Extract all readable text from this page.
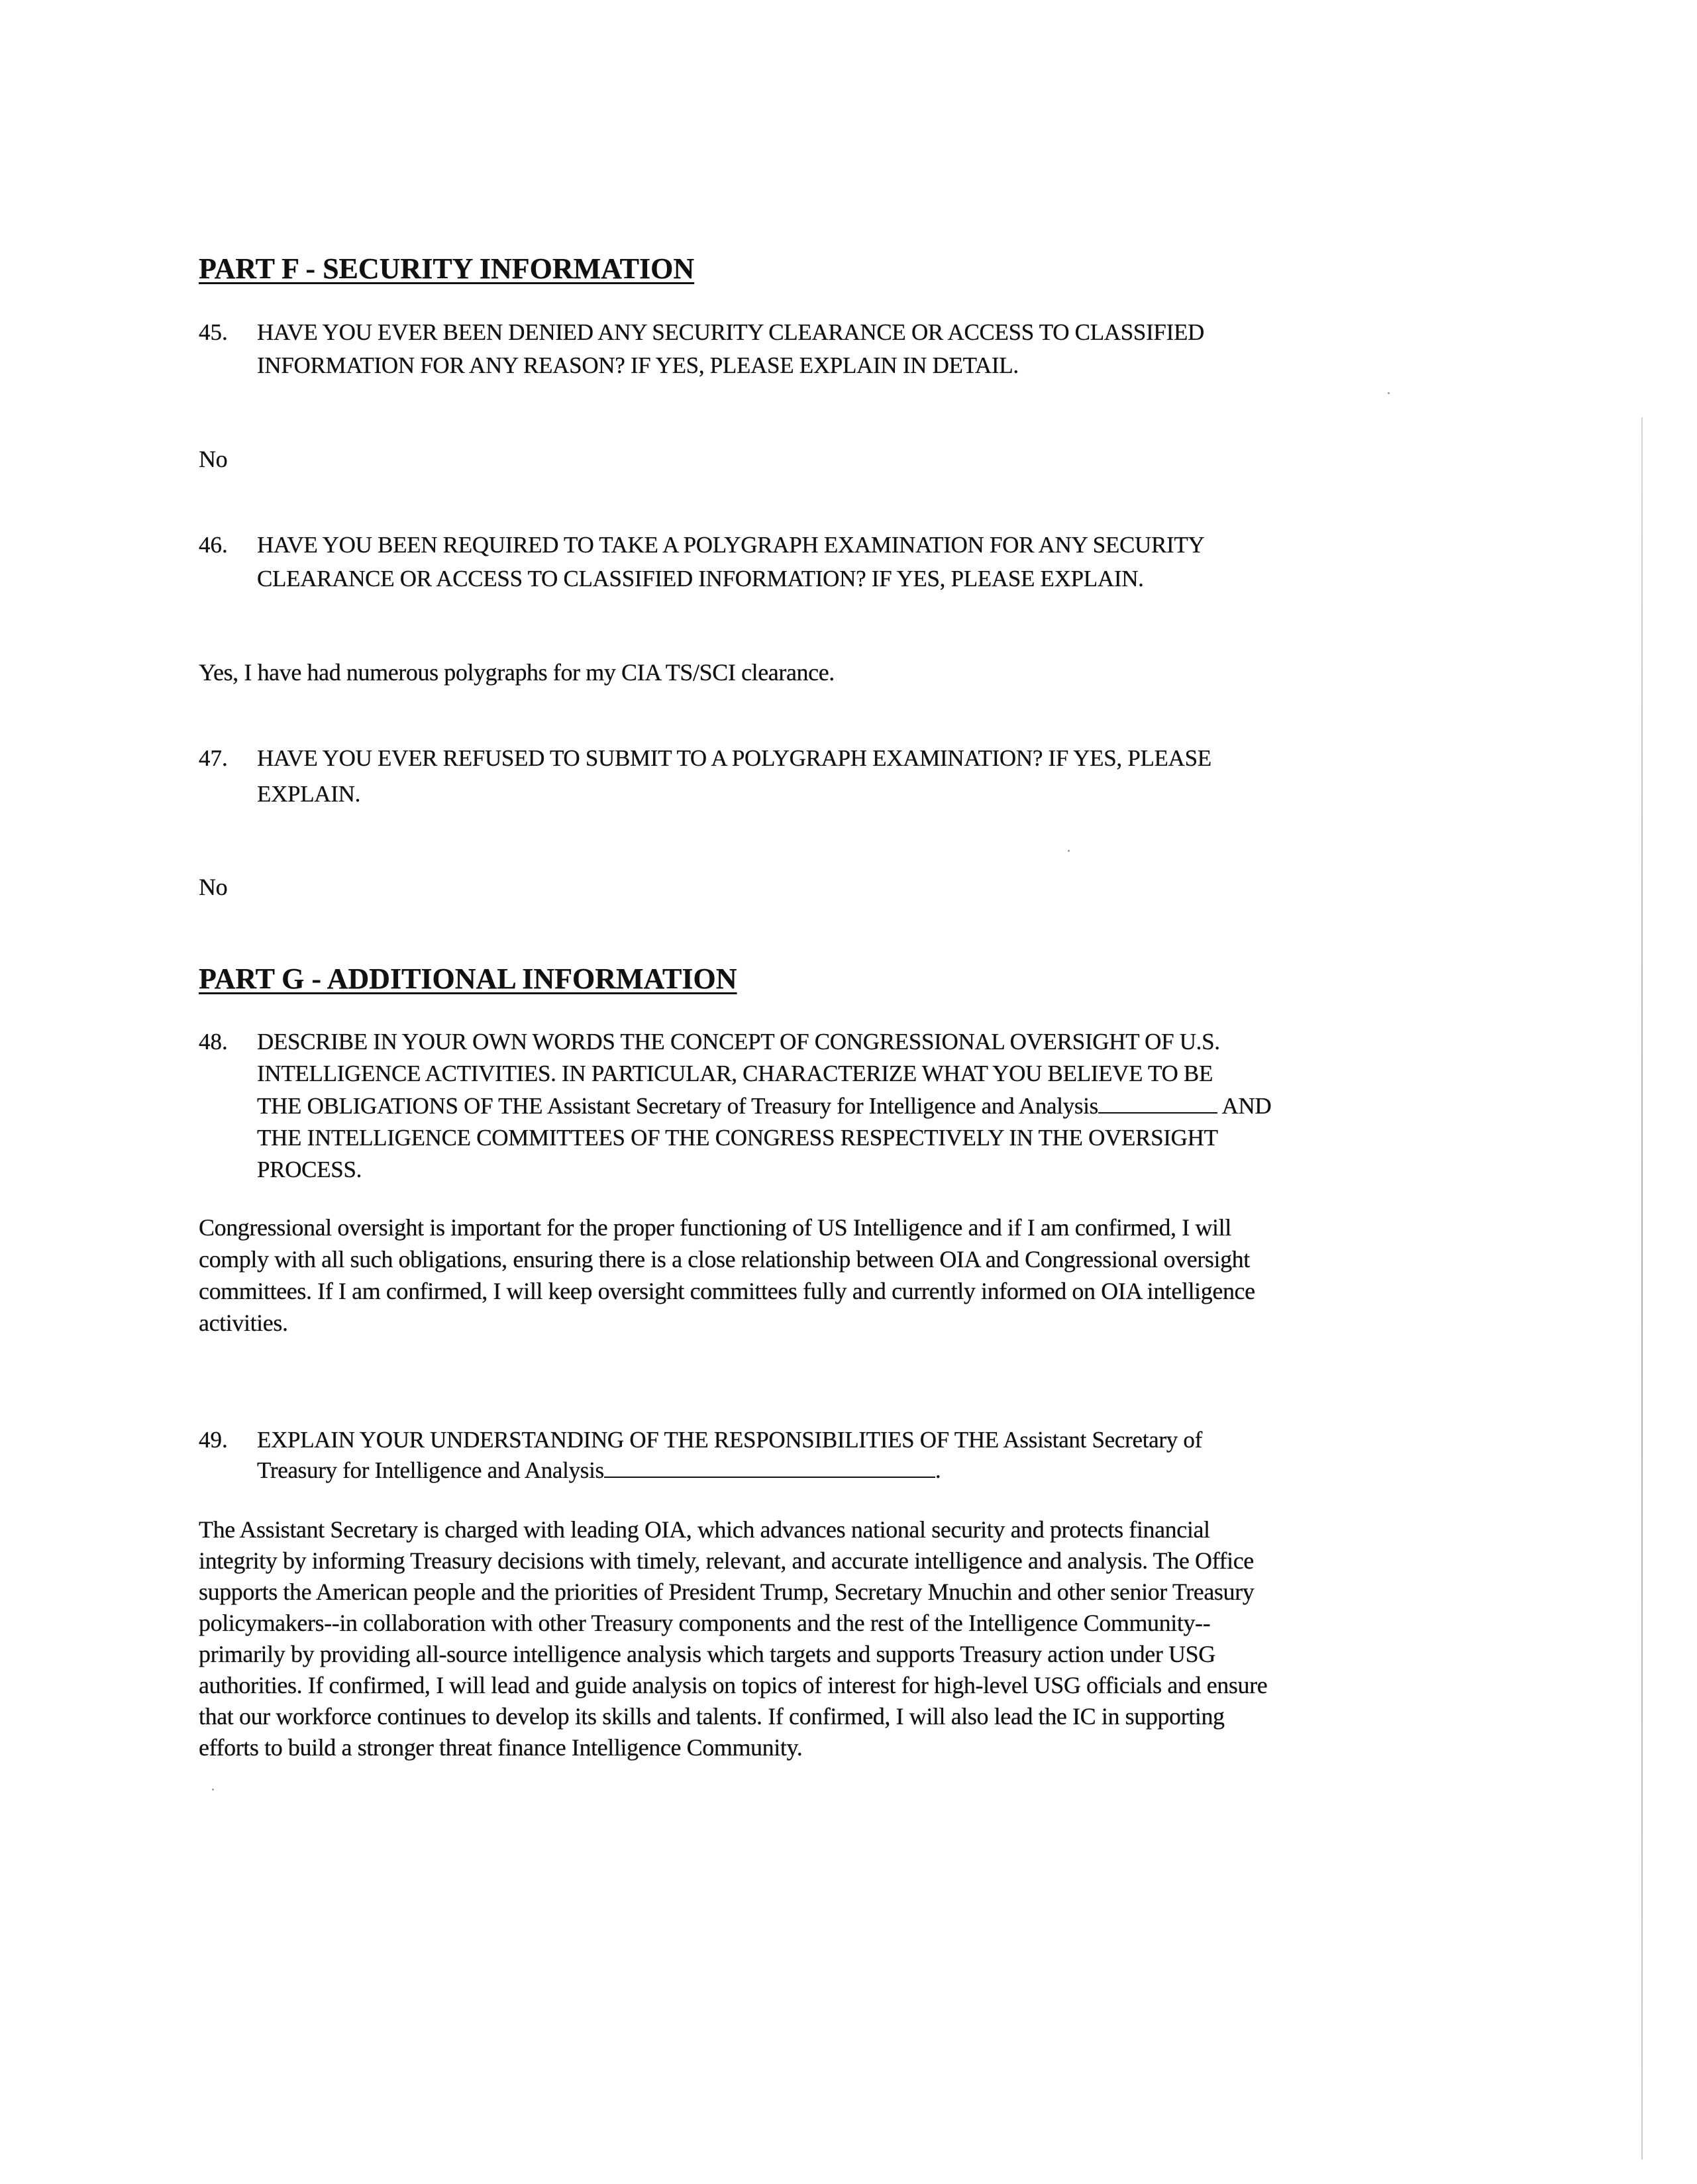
PART F - SECURITY INFORMATION
45. HAVE YOU EVER BEEN DENIED ANY SECURITY CLEARANCE OR ACCESS TO CLASSIFIED
INFORMATION FOR ANY REASON? IF YES, PLEASE EXPLAIN IN DETAIL.
No
46. HAVE YOU BEEN REQUIRED TO TAKE A POLYGRAPH EXAMINATION FOR ANY SECURITY
CLEARANCE OR ACCESS TO CLASSIFIED INFORMATION? IF YES, PLEASE EXPLAIN.
Yes, I have had numerous polygraphs for my CIA TS/SCI clearance.
47. HAVE YOU EVER REFUSED TO SUBMIT TO A POLYGRAPH EXAMINATION? IF YES, PLEASE
EXPLAIN.
No
PART G - ADDITIONAL INFORMATION
48. DESCRIBE IN YOUR OWN WORDS THE CONCEPT OF CONGRESSIONAL OVERSIGHT OF U.S.
INTELLIGENCE ACTIVITIES. IN PARTICULAR, CHARACTERIZE WHAT YOU BELIEVE TO BE
THE OBLIGATIONS OF THE Assistant Secretary of Treasury for Intelligence and Analysis	AND
THE INTELLIGENCE COMMITTEES OF THE CONGRESS RESPECTIVELY IN THE OVERSIGHT
PROCESS.
Congressional oversight is important for the proper functioning of US Intelligence and if I am confirmed, I will
comply with all such obligations, ensuring there is a close relationship between OIA and Congressional oversight
committees. If I am confirmed, I will keep oversight committees fully and currently informed on OIA intelligence
activities.
49. EXPLAIN YOUR UNDERSTANDING OF THE RESPONSIBILITIES OF THE Assistant Secretary of
Treasury for Intelligence and Analysis	.
The Assistant Secretary is charged with leading OIA, which advances national security and protects financial
integrity by informing Treasury decisions with timely, relevant, and accurate intelligence and analysis. The Office
supports the American people and the priorities of President Trump, Secretary Mnuchin and other senior Treasury
policymakers--in collaboration with other Treasury components and the rest of the Intelligence Community--
primarily by providing all-source intelligence analysis which targets and supports Treasury action under USG
authorities. If confirmed, I will lead and guide analysis on topics of interest for high-level USG officials and ensure
that our workforce continues to develop its skills and talents. If confirmed, I will also lead the IC in supporting
efforts to build a stronger threat finance Intelligence Community.
